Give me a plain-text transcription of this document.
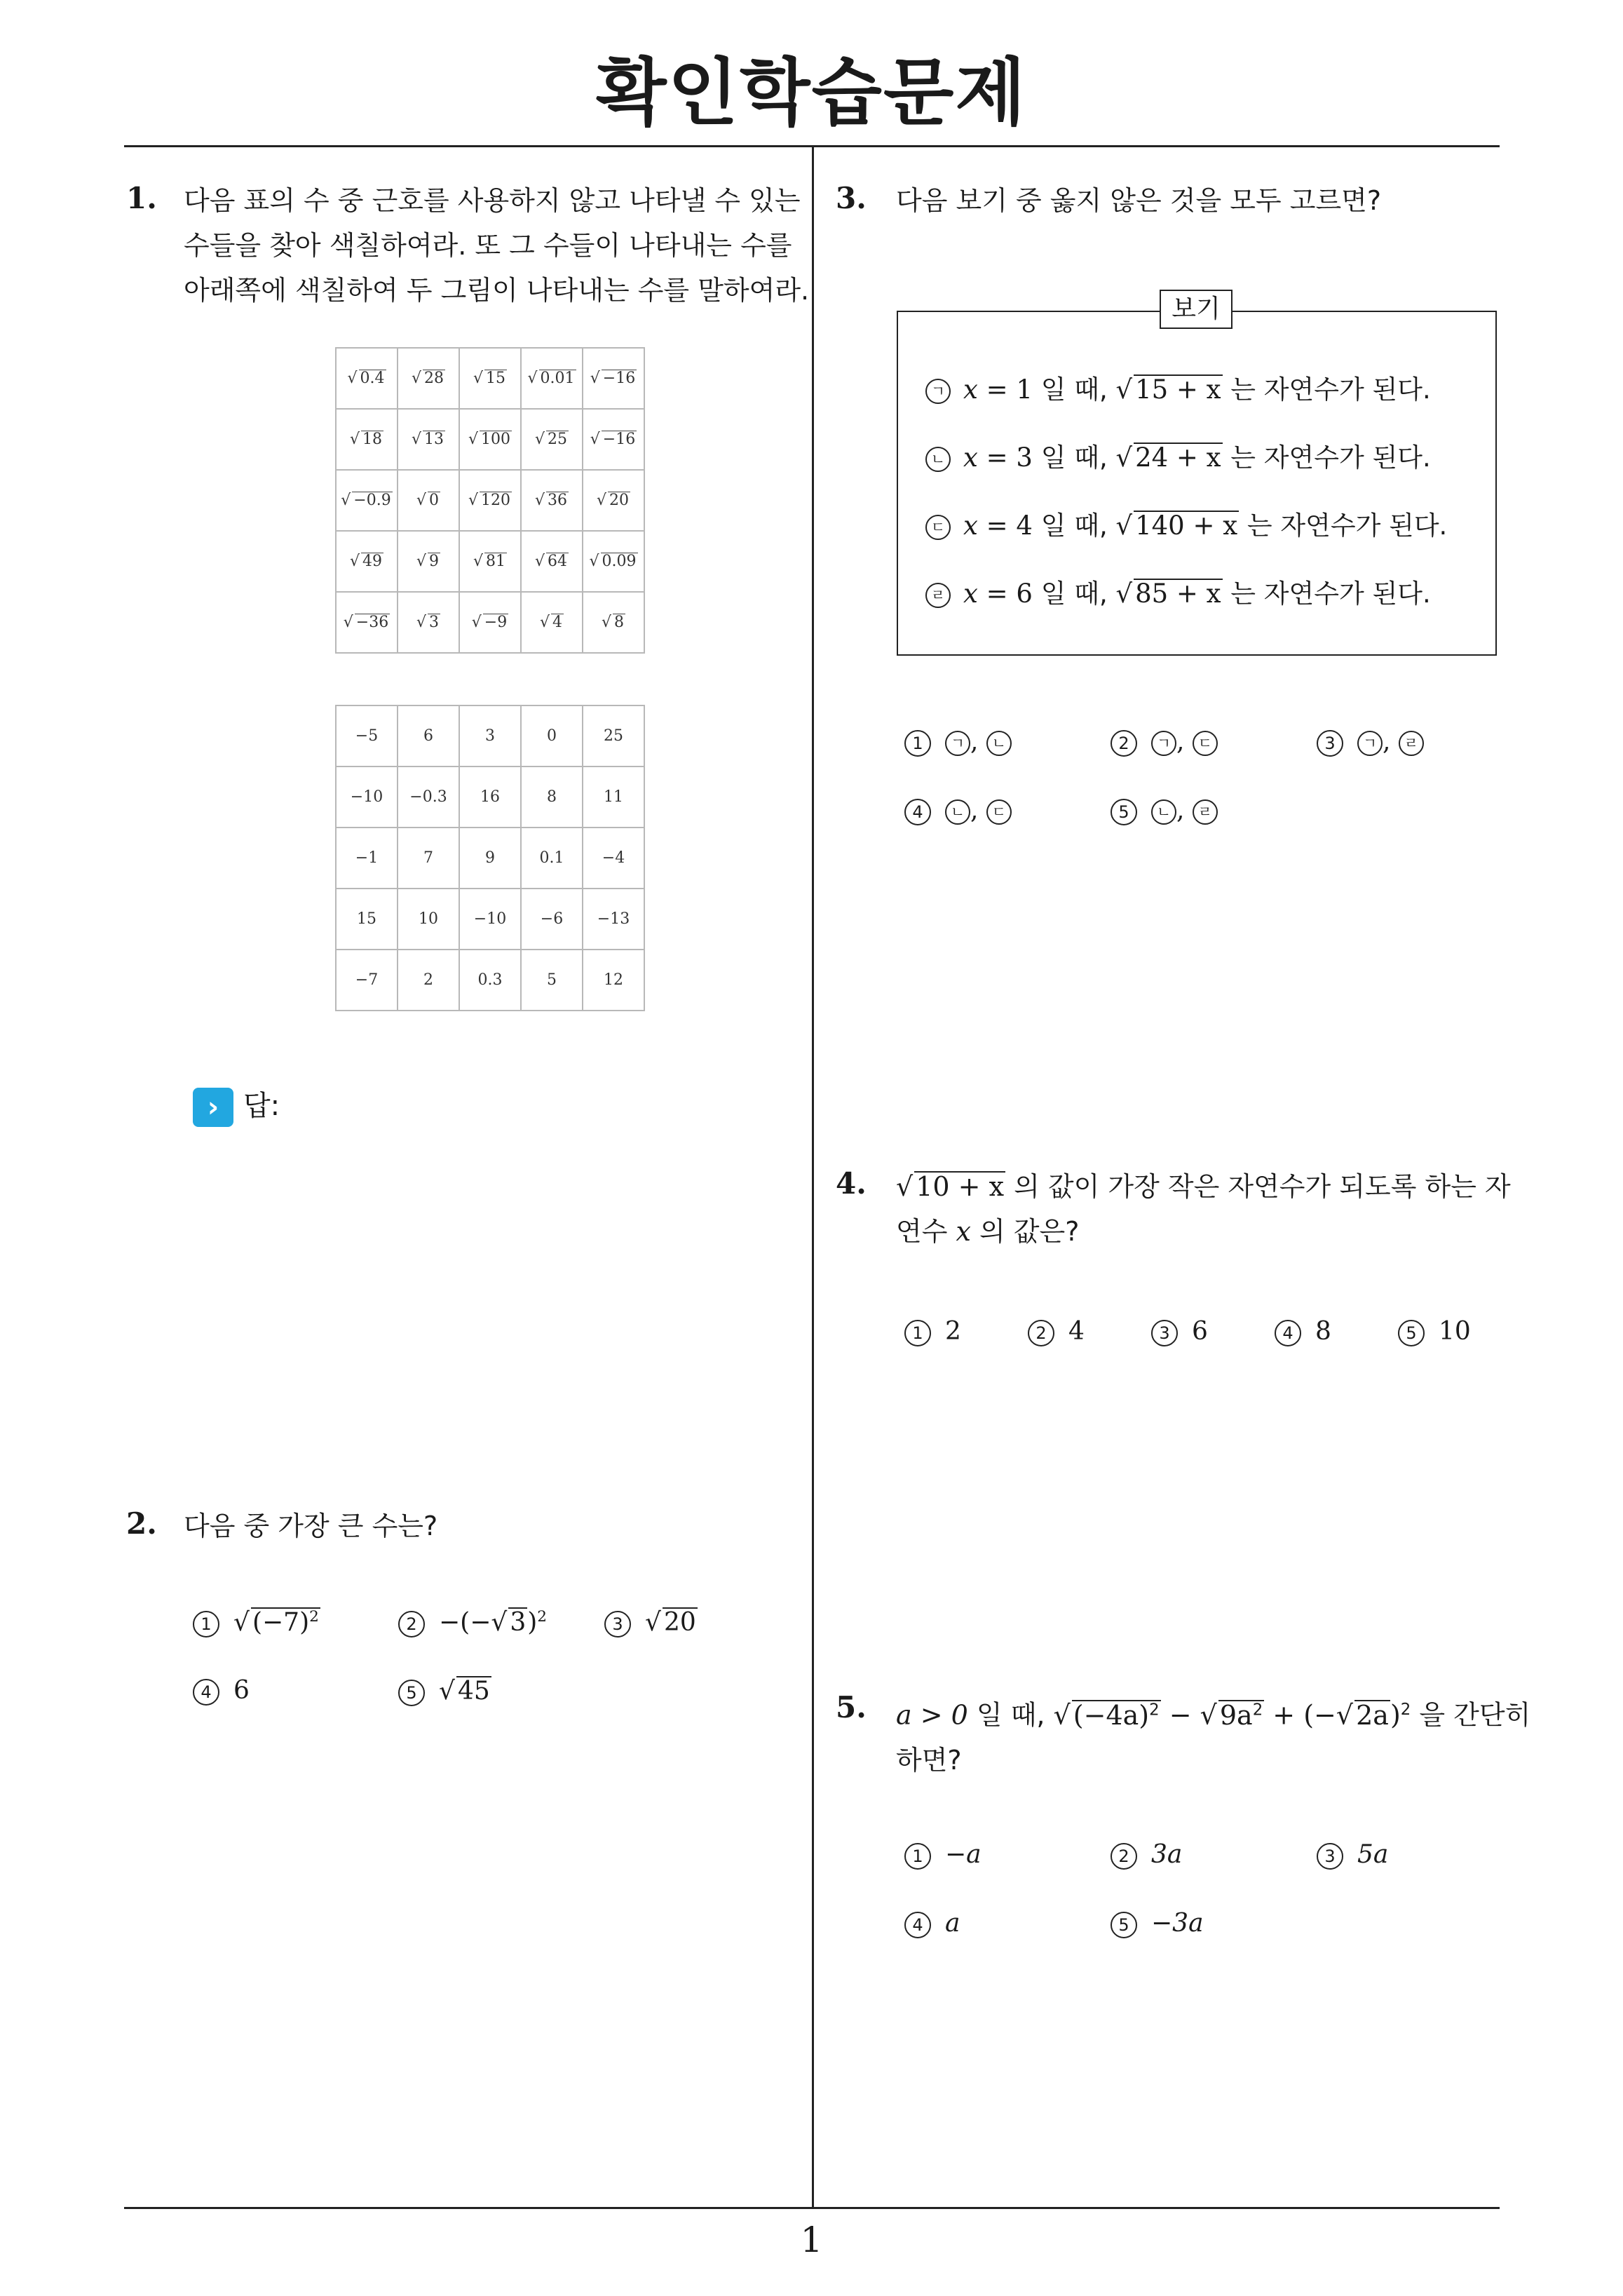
확인학습문제
1
1. 다음 표의 수 중 근호를 사용하지 않고 나타낼 수 있는
수들을 찾아 색칠하여라. 또 그 수들이 나타내는 수를
아래쪽에 색칠하여 두 그림이 나타내는 수를 말하여라.
√ 0.4	√ 28	√ 15	√ 0.01	√ −16
√ 18	√ 13	√ 100	√ 25	√ −16
√ −0.9	√ 0	√ 120	√ 36	√ 20
√ 49	√ 9	√ 81	√ 64	√ 0.09
√ −36	√ 3	√ −9	√ 4	√ 8
−5	6	3	0	25
−10	−0.3	16	8	11
−1	7	9	0.1	−4
15	10	−10	−6	−13
−7	2	0.3	5	12
› 답:
2. 다음 중 가장 큰 수는?
1 √ $(-7)^2$	2 −(−√ 3)$^2$	3 √ 20
4 6	5 √ 45
3. 다음 보기 중 옳지 않은 것을 모두 고르면?
보기
ㄱ x = 1 일 때, √ 15 + x 는 자연수가 된다.
ㄴ x = 3 일 때, √ 24 + x 는 자연수가 된다.
ㄷ x = 4 일 때, √ 140 + x 는 자연수가 된다.
ㄹ x = 6 일 때, √ 85 + x 는 자연수가 된다.
1 ㄱ , ㄴ	2 ㄱ , ㄷ	3 ㄱ , ㄹ
4 ㄴ , ㄷ	5 ㄴ , ㄹ
4. √ 10 + x 의 값이 가장 작은 자연수가 되도록 하는 자
연수 x 의 값은?
1 2	2 4	3 6	4 8	5 10
5. a > 0 일 때, √ $(-4a)^2$ − √ $9a^2$ + (−√ 2a)$^2$ 을 간단히
하면?
1 −a	2 3a	3 5a
4 a	5 −3a
